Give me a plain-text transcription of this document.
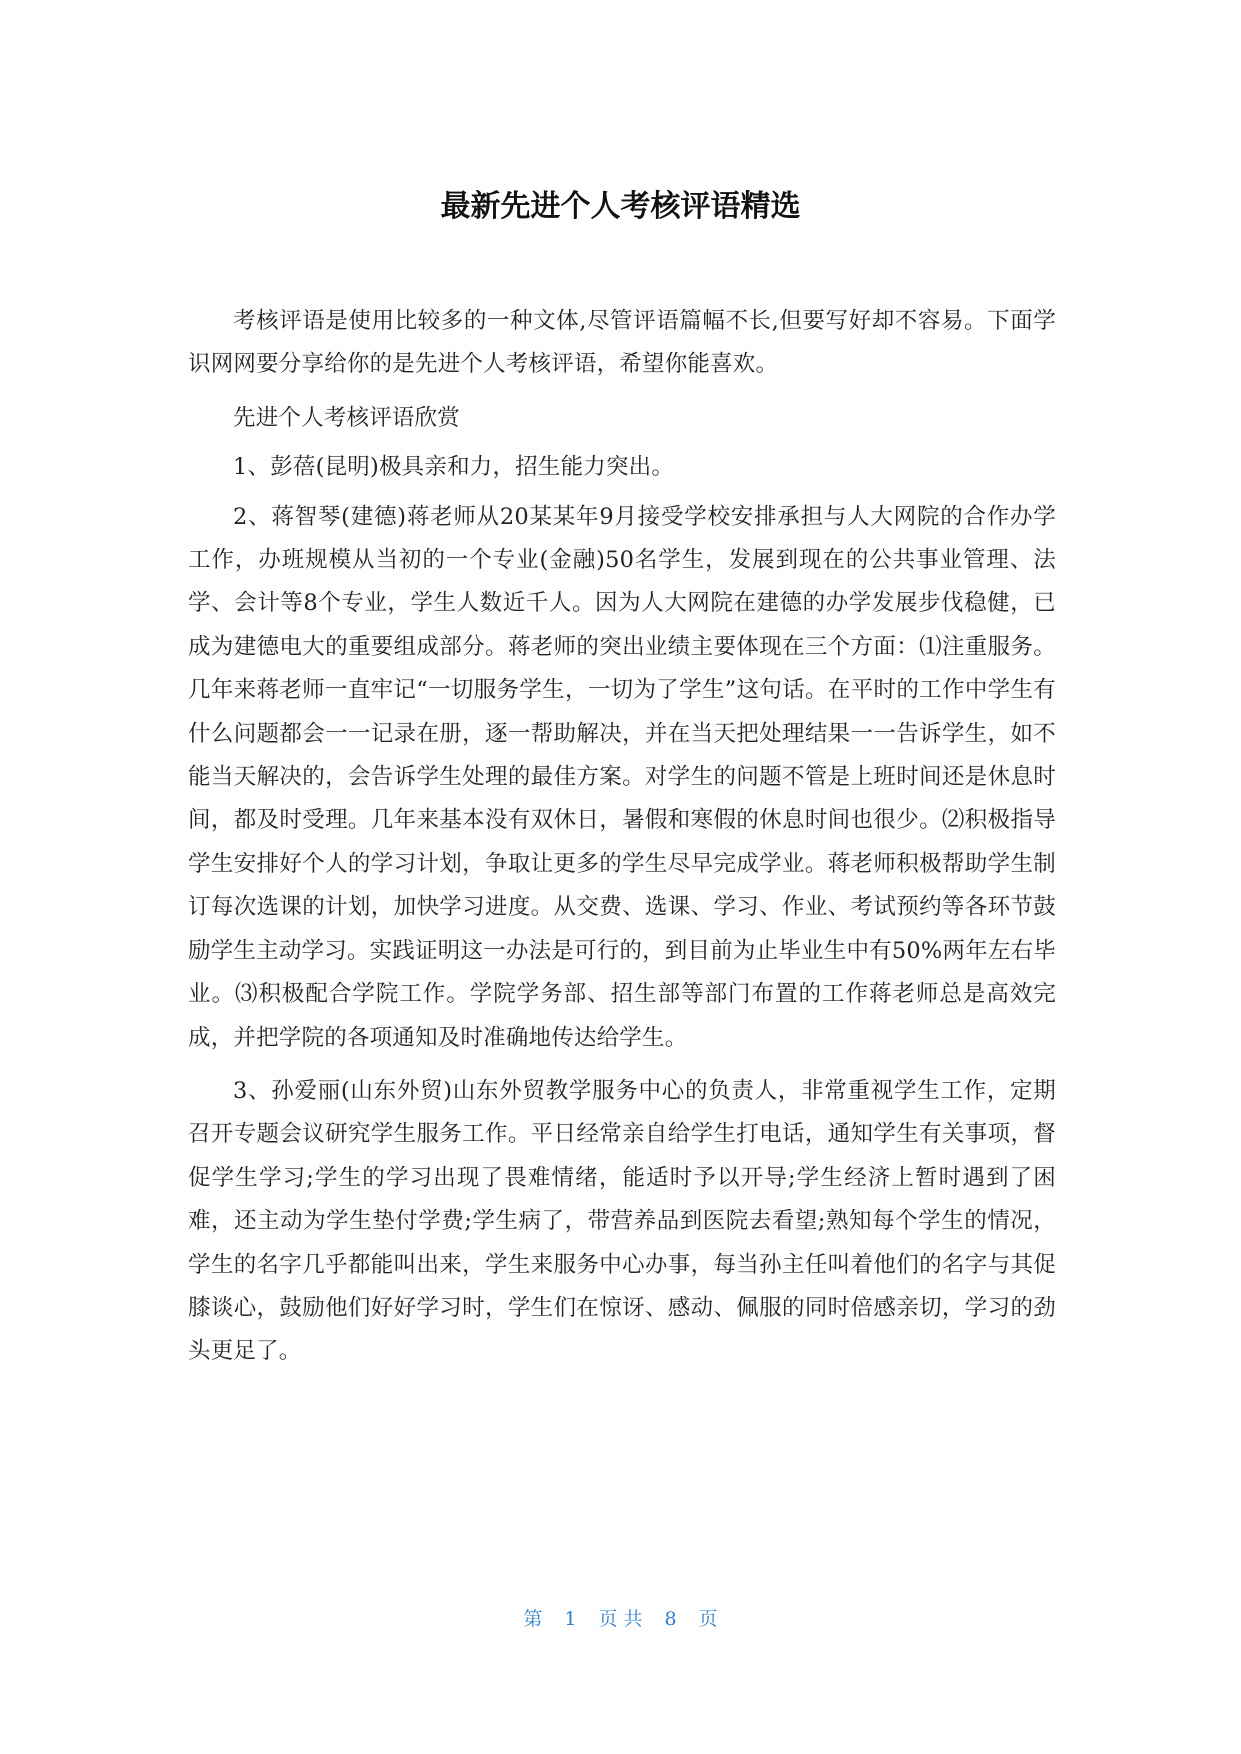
最新先进个人考核评语精选

考核评语是使用比较多的一种文体,尽管评语篇幅不长,但要写好却不容易。下面学识网网要分享给你的是先进个人考核评语，希望你能喜欢。

先进个人考核评语欣赏

1、彭蓓(昆明)极具亲和力，招生能力突出。

2、蒋智琴(建德)蒋老师从20某某年9月接受学校安排承担与人大网院的合作办学工作，办班规模从当初的一个专业(金融)50名学生，发展到现在的公共事业管理、法学、会计等8个专业，学生人数近千人。因为人大网院在建德的办学发展步伐稳健，已成为建德电大的重要组成部分。蒋老师的突出业绩主要体现在三个方面：⑴注重服务。几年来蒋老师一直牢记“一切服务学生，一切为了学生”这句话。在平时的工作中学生有什么问题都会一一记录在册，逐一帮助解决，并在当天把处理结果一一告诉学生，如不能当天解决的，会告诉学生处理的最佳方案。对学生的问题不管是上班时间还是休息时间，都及时受理。几年来基本没有双休日，暑假和寒假的休息时间也很少。⑵积极指导学生安排好个人的学习计划，争取让更多的学生尽早完成学业。蒋老师积极帮助学生制订每次选课的计划，加快学习进度。从交费、选课、学习、作业、考试预约等各环节鼓励学生主动学习。实践证明这一办法是可行的，到目前为止毕业生中有50%两年左右毕业。⑶积极配合学院工作。学院学务部、招生部等部门布置的工作蒋老师总是高效完成，并把学院的各项通知及时准确地传达给学生。

3、孙爱丽(山东外贸)山东外贸教学服务中心的负责人，非常重视学生工作，定期召开专题会议研究学生服务工作。平日经常亲自给学生打电话，通知学生有关事项，督促学生学习;学生的学习出现了畏难情绪，能适时予以开导;学生经济上暂时遇到了困难，还主动为学生垫付学费;学生病了，带营养品到医院去看望;熟知每个学生的情况，学生的名字几乎都能叫出来，学生来服务中心办事，每当孙主任叫着他们的名字与其促膝谈心，鼓励他们好好学习时，学生们在惊讶、感动、佩服的同时倍感亲切，学习的劲头更足了。

第 1 页 共 8 页
